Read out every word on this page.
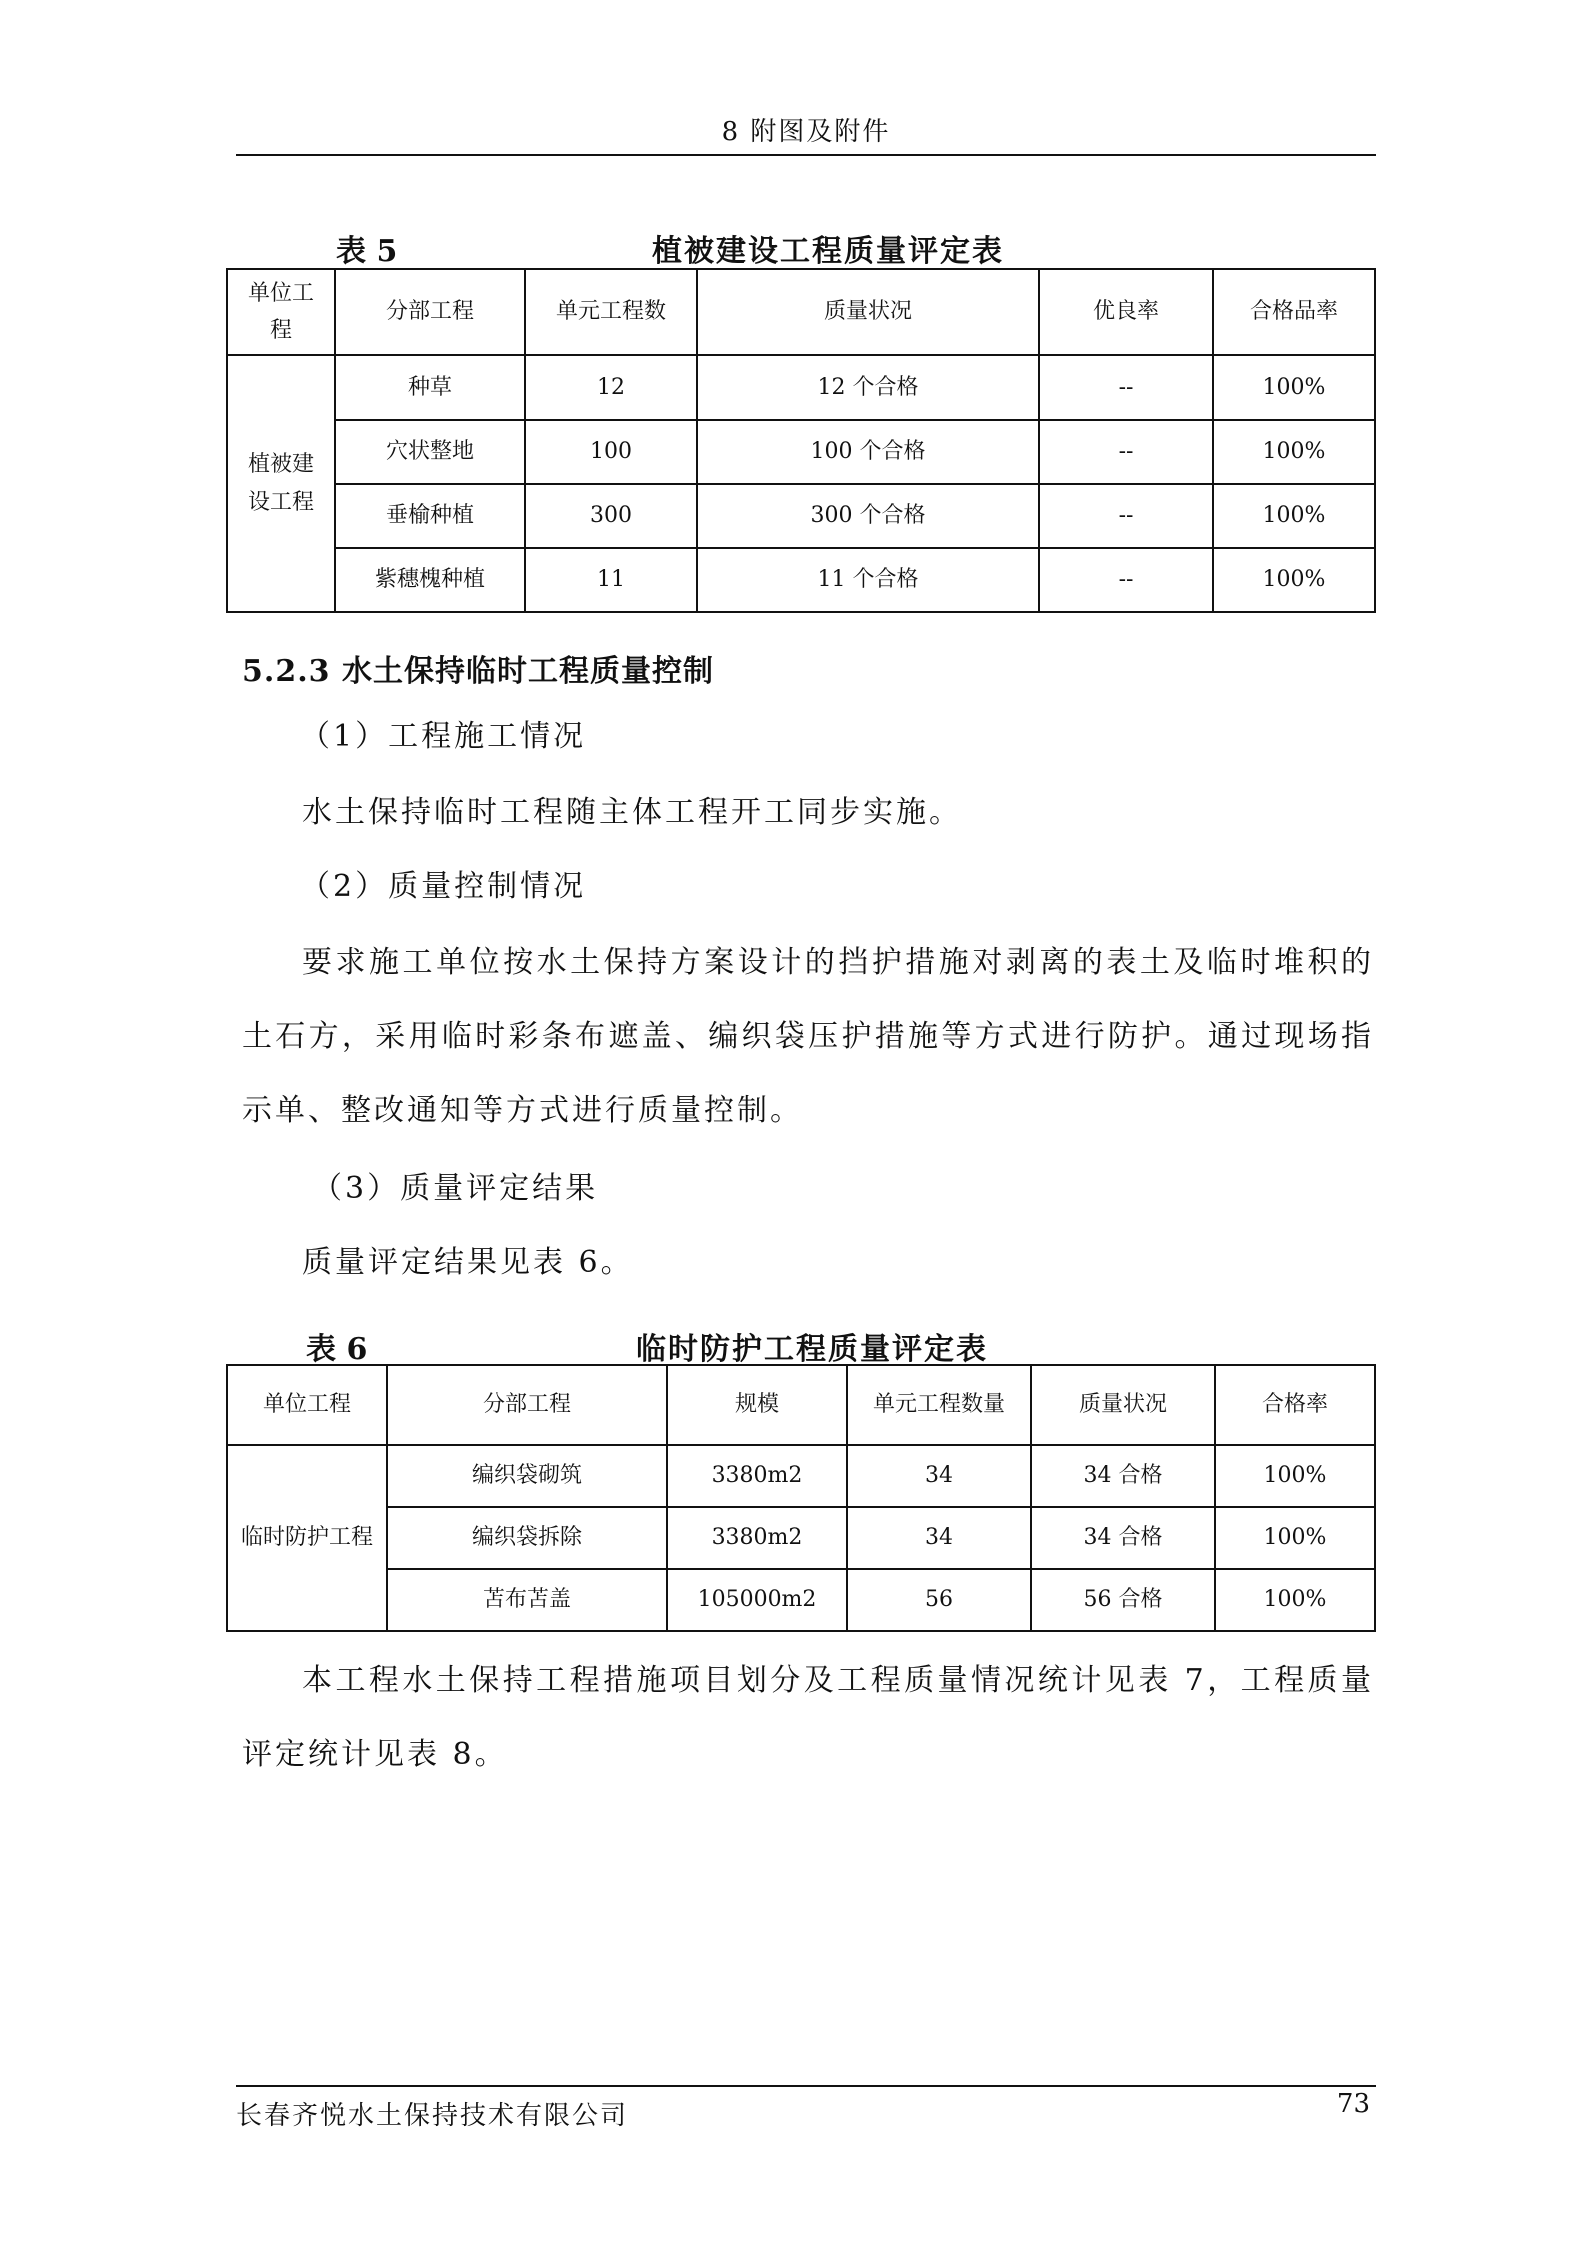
8 附图及附件
表 5	植被建设工程质量评定表
单位工程	分部工程	单元工程数	质量状况	优良率	合格品率
植被建设工程	种草	12	12 个合格	--	100%
	穴状整地	100	100 个合格	--	100%
	垂榆种植	300	300 个合格	--	100%
	紫穗槐种植	11	11 个合格	--	100%
5.2.3 水土保持临时工程质量控制
（1）工程施工情况
水土保持临时工程随主体工程开工同步实施。
（2）质量控制情况
要求施工单位按水土保持方案设计的挡护措施对剥离的表土及临时堆积的土石方，采用临时彩条布遮盖、编织袋压护措施等方式进行防护。通过现场指示单、整改通知等方式进行质量控制。
（3）质量评定结果
质量评定结果见表 6。
表 6	临时防护工程质量评定表
单位工程	分部工程	规模	单元工程数量	质量状况	合格率
临时防护工程	编织袋砌筑	3380m2	34	34 合格	100%
	编织袋拆除	3380m2	34	34 合格	100%
	苫布苫盖	105000m2	56	56 合格	100%
本工程水土保持工程措施项目划分及工程质量情况统计见表 7，工程质量评定统计见表 8。
长春齐悦水土保持技术有限公司	73
